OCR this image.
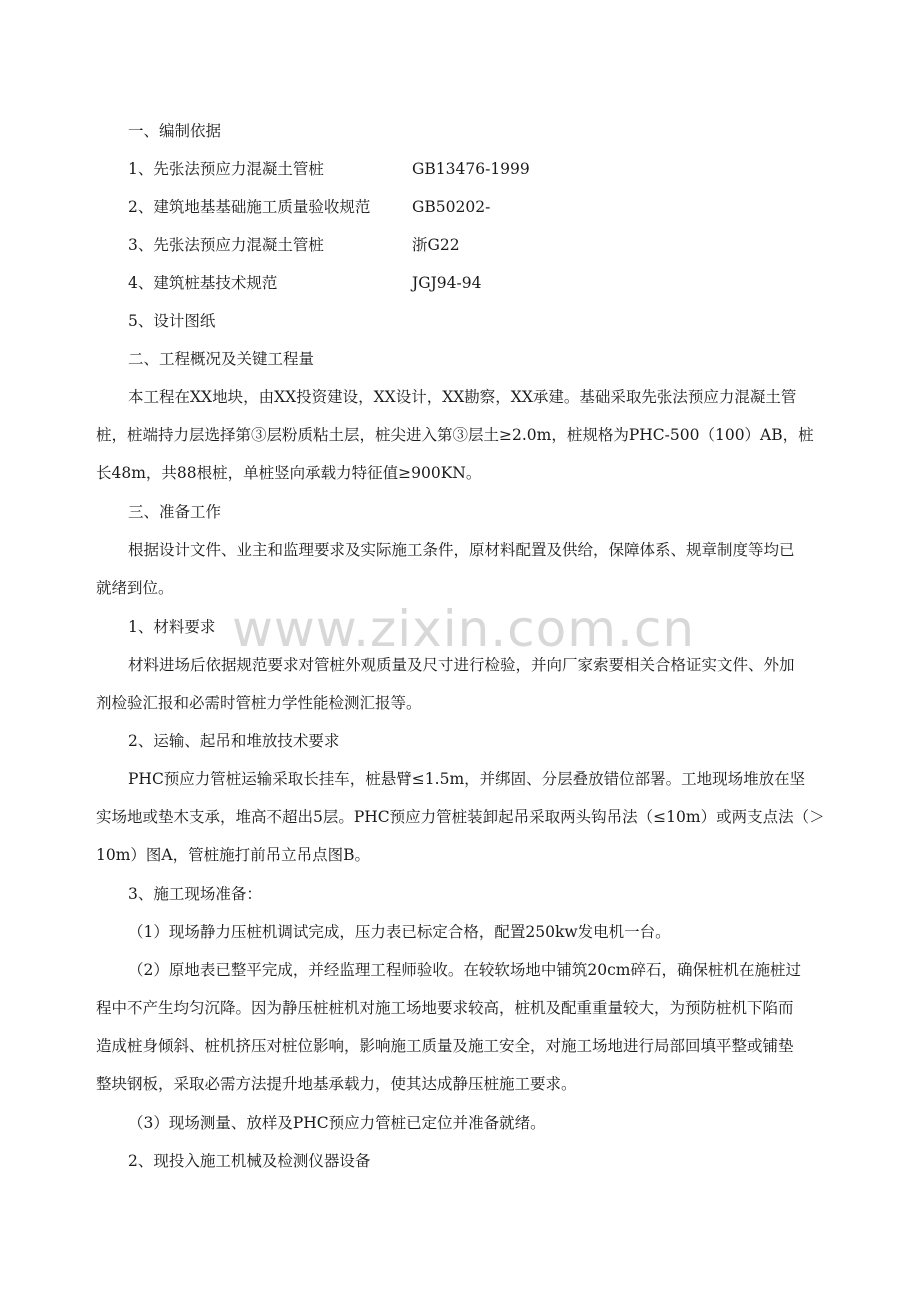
www.zixin.com.cn
一、编制依据
1、先张法预应力混凝土管桩	GB13476-1999
2、建筑地基基础施工质量验收规范	GB50202-
3、先张法预应力混凝土管桩	浙G22
4、建筑桩基技术规范	JGJ94-94
5、设计图纸
二、工程概况及关键工程量
本工程在XX地块，由XX投资建设，XX设计，XX勘察，XX承建。基础采取先张法预应力混凝土管
桩，桩端持力层选择第③层粉质粘土层，桩尖进入第③层土≥2.0m，桩规格为PHC-500（100）AB，桩
长48m，共88根桩，单桩竖向承载力特征值≥900KN。
三、准备工作
根据设计文件、业主和监理要求及实际施工条件，原材料配置及供给，保障体系、规章制度等均已
就绪到位。
1、材料要求
材料进场后依据规范要求对管桩外观质量及尺寸进行检验，并向厂家索要相关合格证实文件、外加
剂检验汇报和必需时管桩力学性能检测汇报等。
2、运输、起吊和堆放技术要求
PHC预应力管桩运输采取长挂车，桩悬臂≤1.5m，并绑固、分层叠放错位部署。工地现场堆放在坚
实场地或垫木支承，堆高不超出5层。PHC预应力管桩装卸起吊采取两头钩吊法（≤10m）或两支点法（＞
10m）图A，管桩施打前吊立吊点图B。
3、施工现场准备：
（1）现场静力压桩机调试完成，压力表已标定合格，配置250kw发电机一台。
（2）原地表已整平完成，并经监理工程师验收。在较软场地中铺筑20cm碎石，确保桩机在施桩过
程中不产生均匀沉降。因为静压桩桩机对施工场地要求较高，桩机及配重重量较大，为预防桩机下陷而
造成桩身倾斜、桩机挤压对桩位影响，影响施工质量及施工安全，对施工场地进行局部回填平整或铺垫
整块钢板，采取必需方法提升地基承载力，使其达成静压桩施工要求。
（3）现场测量、放样及PHC预应力管桩已定位并准备就绪。
2、现投入施工机械及检测仪器设备
